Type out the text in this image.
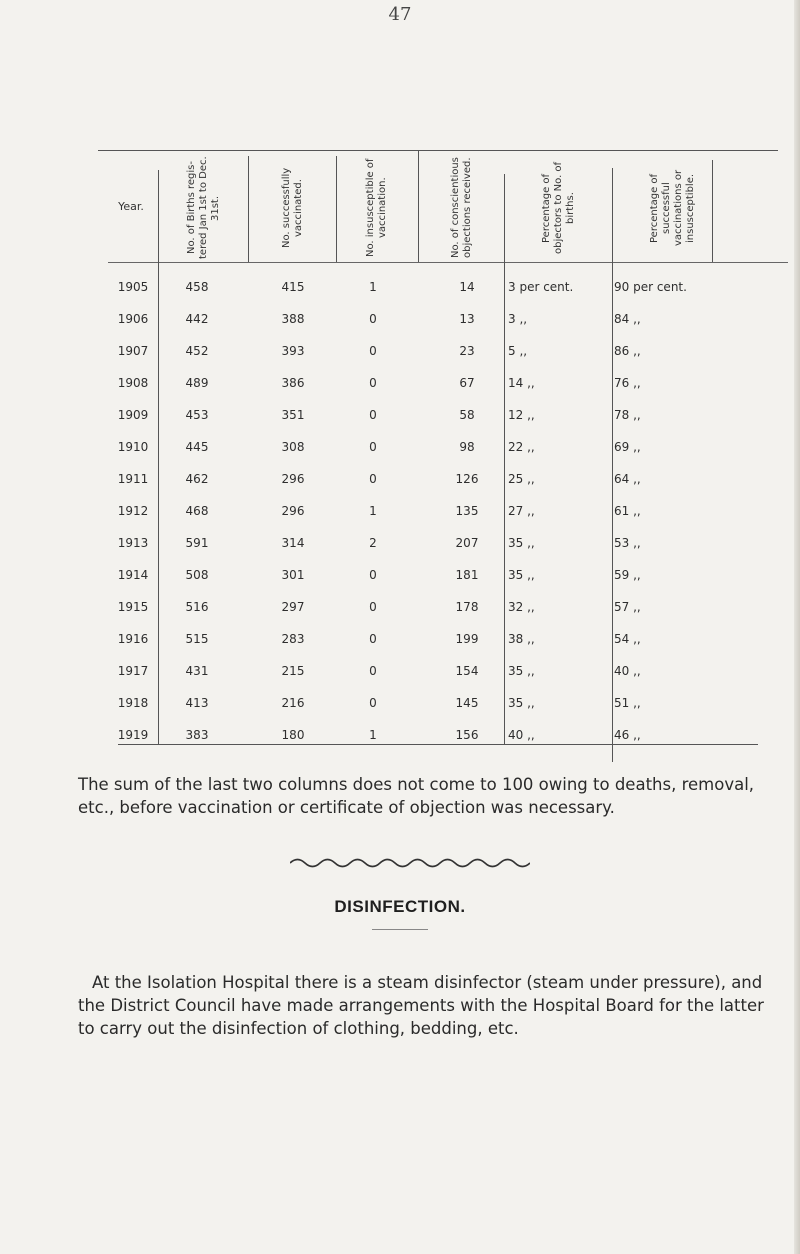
47
Year.	No. of Births regis- tered Jan 1st to Dec. 31st.	No. successfully vaccinated.	No. insusceptible of vaccination.	No. of conscientious objections received.	Percentage of objectors to No. of births.	Percentage of successful vaccinations or insusceptible.
1905	458	415	1	14	3 per cent.	90 per cent.
1906	442	388	0	13	3 ,,	84 ,,
1907	452	393	0	23	5 ,,	86 ,,
1908	489	386	0	67	14 ,,	76 ,,
1909	453	351	0	58	12 ,,	78 ,,
1910	445	308	0	98	22 ,,	69 ,,
1911	462	296	0	126	25 ,,	64 ,,
1912	468	296	1	135	27 ,,	61 ,,
1913	591	314	2	207	35 ,,	53 ,,
1914	508	301	0	181	35 ,,	59 ,,
1915	516	297	0	178	32 ,,	57 ,,
1916	515	283	0	199	38 ,,	54 ,,
1917	431	215	0	154	35 ,,	40 ,,
1918	413	216	0	145	35 ,,	51 ,,
1919	383	180	1	156	40 ,,	46 ,,
The sum of the last two columns does not come to 100 owing to deaths, removal, etc., before vaccination or certificate of objection was necessary.
DISINFECTION.
At the Isolation Hospital there is a steam disinfector (steam under pressure), and the District Council have made arrangements with the Hospital Board for the latter to carry out the disinfection of clothing, bedding, etc.
